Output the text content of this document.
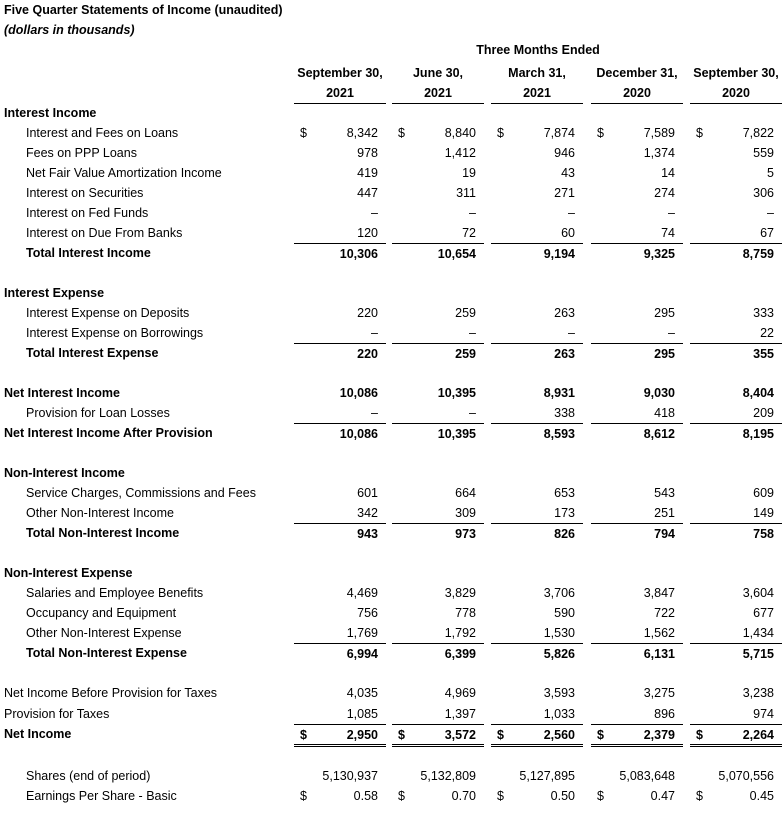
Five Quarter Statements of Income (unaudited)
(dollars in thousands)
Three Months Ended
September 30,
2021
June 30,
2021
March 31,
2021
December 31,
2020
September 30,
2020
Interest Income
Interest and Fees on Loans	$	8,342 $	8,840 $	7,874 $	7,589 $	7,822
Fees on PPP Loans	978	1,412	946	1,374	559
Net Fair Value Amortization Income	419	19	43	14	5
Interest on Securities	447	311	271	274	306
Interest on Fed Funds	–	–	–	–	–
Interest on Due From Banks	120	72	60	74	67
Total Interest Income	10,306	10,654	9,194	9,325	8,759
Interest Expense
Interest Expense on Deposits	220	259	263	295	333
Interest Expense on Borrowings	–	–	–	–	22
Total Interest Expense	220	259	263	295	355
Net Interest Income	10,086	10,395	8,931	9,030	8,404
Provision for Loan Losses	–	–	338	418	209
Net Interest Income After Provision	10,086	10,395	8,593	8,612	8,195
Non-Interest Income
Service Charges, Commissions and Fees	601	664	653	543	609
Other Non-Interest Income	342	309	173	251	149
Total Non-Interest Income	943	973	826	794	758
Non-Interest Expense
Salaries and Employee Benefits	4,469	3,829	3,706	3,847	3,604
Occupancy and Equipment	756	778	590	722	677
Other Non-Interest Expense	1,769	1,792	1,530	1,562	1,434
Total Non-Interest Expense	6,994	6,399	5,826	6,131	5,715
Net Income Before Provision for Taxes	4,035	4,969	3,593	3,275	3,238
Provision for Taxes	1,085	1,397	1,033	896	974
Net Income	$	2,950 $	3,572 $	2,560 $	2,379 $	2,264
Shares (end of period)	5,130,937	5,132,809	5,127,895	5,083,648	5,070,556
Earnings Per Share - Basic	$	0.58 $	0.70 $	0.50 $	0.47 $	0.45
